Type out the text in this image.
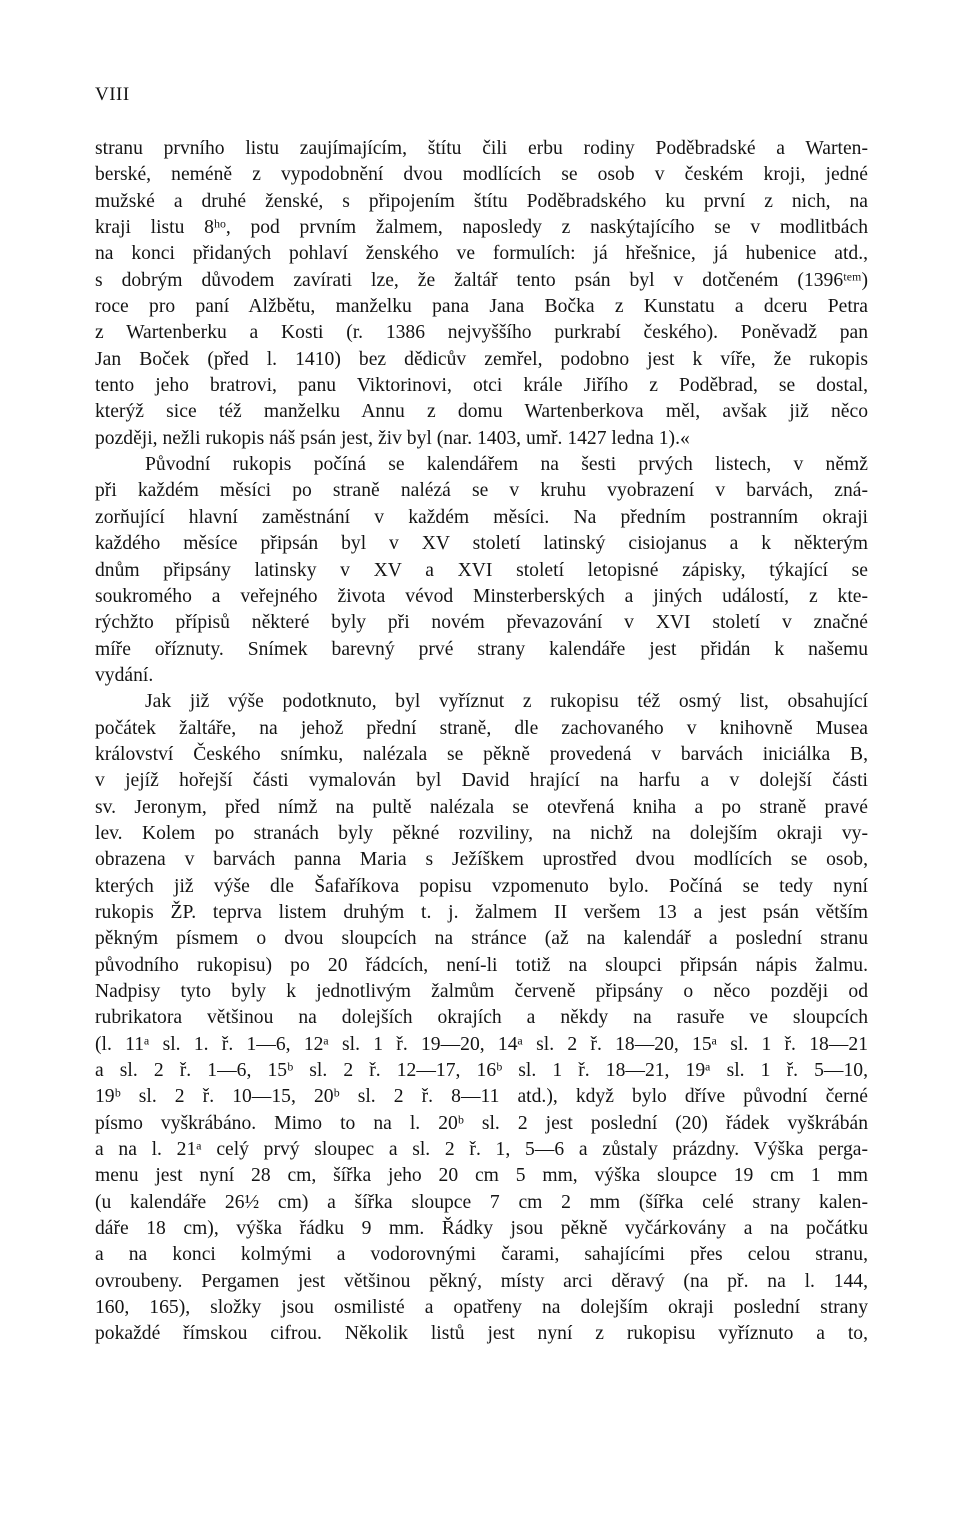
VIII
stranu prvního listu zaujímajícím, štítu čili erbu rodiny Poděbradské a Warten-
berské, neméně z vypodobnění dvou modlících se osob v českém kroji, jedné
mužské a druhé ženské, s připojením štítu Poděbradského ku první z nich, na
kraji listu 8ʰᵒ, pod prvním žalmem, naposledy z naskýtajícího se v modlitbách
na konci přidaných pohlaví ženského ve formulích: já hřešnice, já hubenice atd.,
s dobrým důvodem zavírati lze, že žaltář tento psán byl v dotčeném (1396ᵗᵉᵐ)
roce pro paní Alžbětu, manželku pana Jana Bočka z Kunstatu a dceru Petra
z Wartenberku a Kosti (r. 1386 nejvyššího purkrabí českého). Poněvadž pan
Jan Boček (před l. 1410) bez dědicův zemřel, podobno jest k víře, že rukopis
tento jeho bratrovi, panu Viktorinovi, otci krále Jiřího z Poděbrad, se dostal,
kterýž sice též manželku Annu z domu Wartenberkova měl, avšak již něco
později, nežli rukopis náš psán jest, živ byl (nar. 1403, umř. 1427 ledna 1).«
Původní rukopis počíná se kalendářem na šesti prvých listech, v němž
při každém měsíci po straně nalézá se v kruhu vyobrazení v barvách, zná-
zorňující hlavní zaměstnání v každém měsíci. Na předním postranním okraji
každého měsíce připsán byl v XV století latinský cisiojanus a k některým
dnům připsány latinsky v XV a XVI století letopisné zápisky, týkající se
soukromého a veřejného života vévod Minsterberských a jiných událostí, z kte-
rýchžto přípisů některé byly při novém převazování v XVI století v značné
míře oříznuty. Snímek barevný prvé strany kalendáře jest přidán k našemu
vydání.
Jak již výše podotknuto, byl vyříznut z rukopisu též osmý list, obsahující
počátek žaltáře, na jehož přední straně, dle zachovaného v knihovně Musea
království Českého snímku, nalézala se pěkně provedená v barvách iniciálka B,
v jejíž hořejší části vymalován byl David hrající na harfu a v dolejší části
sv. Jeronym, před nímž na pultě nalézala se otevřená kniha a po straně pravé
lev. Kolem po stranách byly pěkné rozviliny, na nichž na dolejším okraji vy-
obrazena v barvách panna Maria s Ježíškem uprostřed dvou modlících se osob,
kterých již výše dle Šafaříkova popisu vzpomenuto bylo. Počíná se tedy nyní
rukopis ŽP. teprva listem druhým t. j. žalmem II veršem 13 a jest psán větším
pěkným písmem o dvou sloupcích na stránce (až na kalendář a poslední stranu
původního rukopisu) po 20 řádcích, není-li totiž na sloupci připsán nápis žalmu.
Nadpisy tyto byly k jednotlivým žalmům červeně připsány o něco později od
rubrikatora většinou na dolejších okrajích a někdy na rasuře ve sloupcích
(l. 11ᵃ sl. 1. ř. 1—6, 12ᵃ sl. 1 ř. 19—20, 14ᵃ sl. 2 ř. 18—20, 15ᵃ sl. 1 ř. 18—21
a sl. 2 ř. 1—6, 15ᵇ sl. 2 ř. 12—17, 16ᵇ sl. 1 ř. 18—21, 19ᵃ sl. 1 ř. 5—10,
19ᵇ sl. 2 ř. 10—15, 20ᵇ sl. 2 ř. 8—11 atd.), když bylo dříve původní černé
písmo vyškrábáno. Mimo to na l. 20ᵇ sl. 2 jest poslední (20) řádek vyškrábán
a na l. 21ᵃ celý prvý sloupec a sl. 2 ř. 1, 5—6 a zůstaly prázdny. Výška perga-
menu jest nyní 28 cm, šířka jeho 20 cm 5 mm, výška sloupce 19 cm 1 mm
(u kalendáře 26½ cm) a šířka sloupce 7 cm 2 mm (šířka celé strany kalen-
dáře 18 cm), výška řádku 9 mm. Řádky jsou pěkně vyčárkovány a na počátku
a na konci kolmými a vodorovnými čarami, sahajícími přes celou stranu,
ovroubeny. Pergamen jest většinou pěkný, místy arci děravý (na př. na l. 144,
160, 165), složky jsou osmilisté a opatřeny na dolejším okraji poslední strany
pokaždé římskou cifrou. Několik listů jest nyní z rukopisu vyříznuto a to,
